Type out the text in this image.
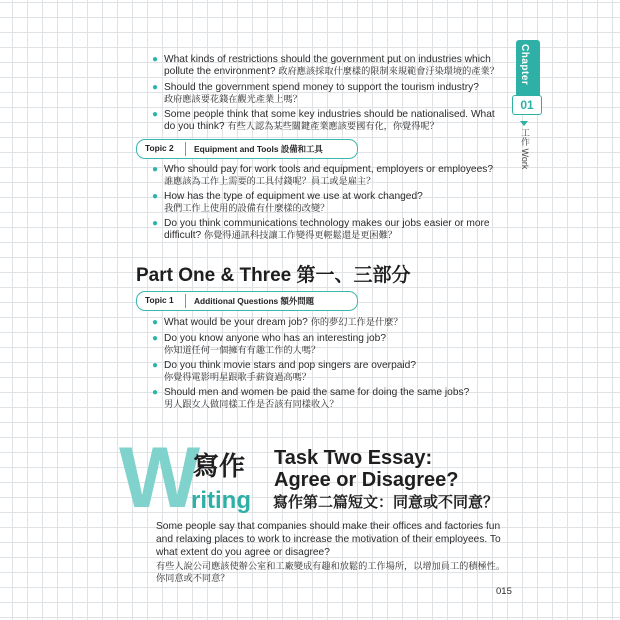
● What kinds of restrictions should the government put on industries which
pollute the environment? 政府應該採取什麼樣的限制來規範會汙染環境的產業？
● Should the government spend money to support the tourism industry?
政府應該要花錢在觀光產業上嗎？
● Some people think that some key industries should be nationalised. What
do you think? 有些人認為某些關鍵產業應該要國有化，你覺得呢？
Topic 2 Equipment and Tools 設備和工具
● Who should pay for work tools and equipment, employers or employees?
誰應該為工作上需要的工具付錢呢？員工或是雇主？
● How has the type of equipment we use at work changed?
我們工作上使用的設備有什麼樣的改變？
● Do you think communications technology makes our jobs easier or more
difficult? 你覺得通訊科技讓工作變得更輕鬆還是更困難？
Part One & Three 第一、三部分
Topic 1 Additional Questions 額外問題
● What would be your dream job? 你的夢幻工作是什麼？
● Do you know anyone who has an interesting job?
你知道任何一個擁有有趣工作的人嗎？
● Do you think movie stars and pop singers are overpaid?
你覺得電影明星跟歌手薪資過高嗎？
● Should men and women be paid the same for doing the same jobs?
男人跟女人做同樣工作是否該有同樣收入？
W
寫作
riting
Task Two Essay:
Agree or Disagree?
寫作第二篇短文：同意或不同意？
Some people say that companies should make their offices and factories fun and relaxing places to work to increase the motivation of their employees. To what extent do you agree or disagree?
有些人說公司應該使辦公室和工廠變成有趣和放鬆的工作場所，以增加員工的積極性。你同意或不同意？
Chapter
01
工作 Work
015
